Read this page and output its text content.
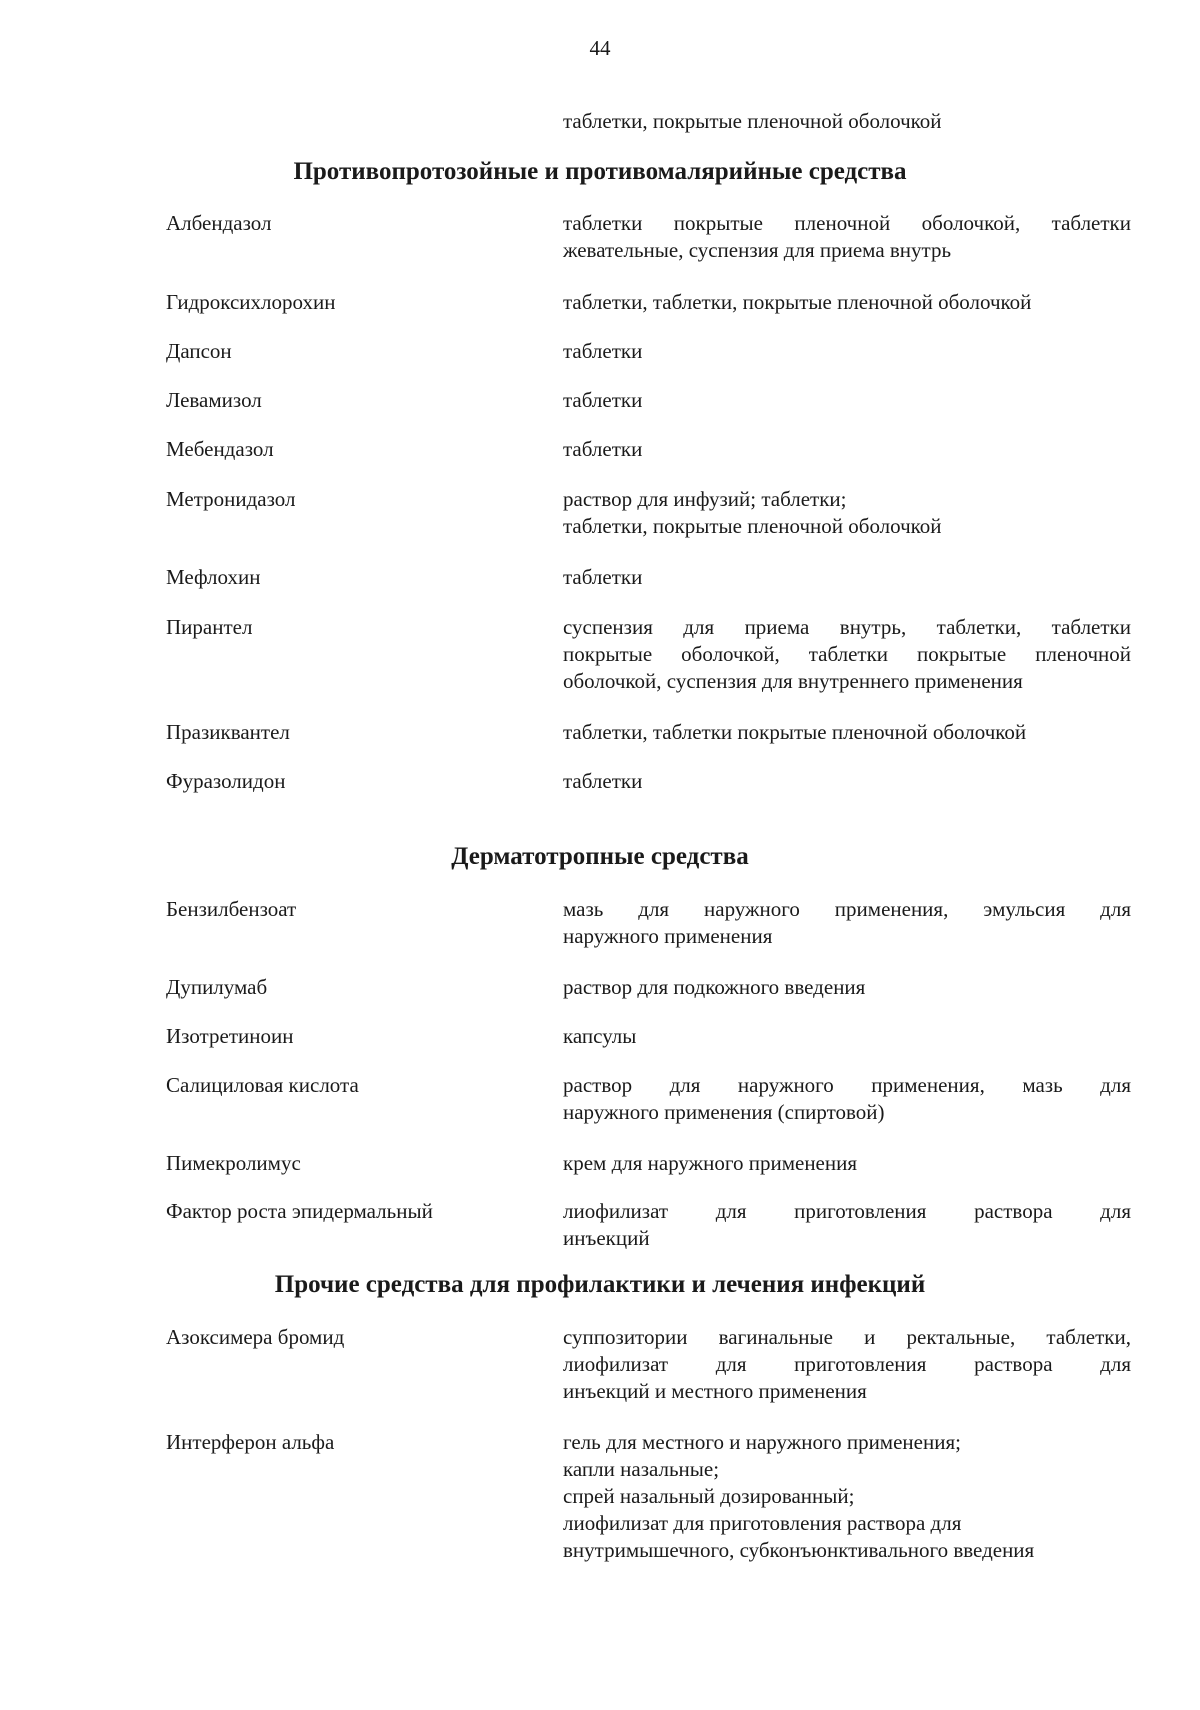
44
таблетки, покрытые пленочной оболочкой
Противопротозойные и противомалярийные средства
Албендазол	таблетки покрытые пленочной оболочкой, таблетки
жевательные, суспензия для приема внутрь
Гидроксихлорохин	таблетки, таблетки, покрытые пленочной оболочкой
Дапсон	таблетки
Левамизол	таблетки
Мебендазол	таблетки
Метронидазол	раствор для инфузий; таблетки;
таблетки, покрытые пленочной оболочкой
Мефлохин	таблетки
Пирантел	суспензия для приема внутрь, таблетки, таблетки
покрытые оболочкой, таблетки покрытые пленочной
оболочкой, суспензия для внутреннего применения
Празиквантел	таблетки, таблетки покрытые пленочной оболочкой
Фуразолидон	таблетки
Дерматотропные средства
Бензилбензоат	мазь для наружного применения, эмульсия для
наружного применения
Дупилумаб	раствор для подкожного введения
Изотретиноин	капсулы
Салициловая кислота	раствор для наружного применения, мазь для
наружного применения (спиртовой)
Пимекролимус	крем для наружного применения
Фактор роста эпидермальный	лиофилизат для приготовления раствора для
инъекций
Прочие средства для профилактики и лечения инфекций
Азоксимера бромид	суппозитории вагинальные и ректальные, таблетки,
лиофилизат для приготовления раствора для
инъекций и местного применения
Интерферон альфа	гель для местного и наружного применения;
капли назальные;
спрей назальный дозированный;
лиофилизат для приготовления раствора для
внутримышечного, субконъюнктивального введения
